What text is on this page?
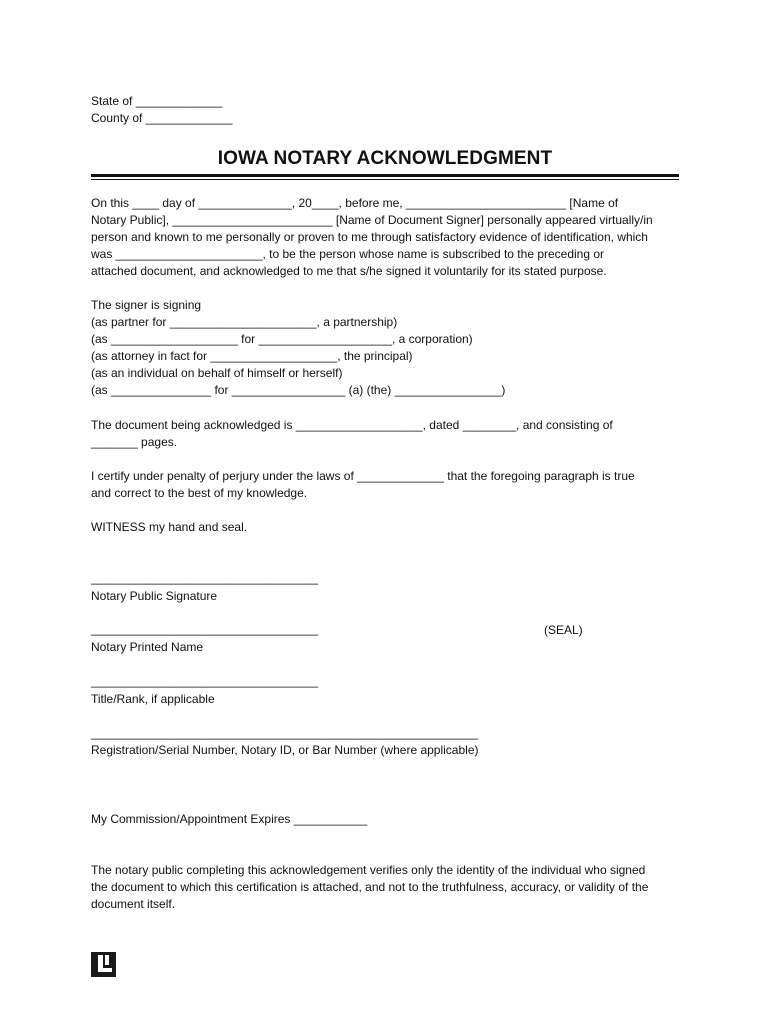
State of _____________
County of _____________
IOWA NOTARY ACKNOWLEDGMENT
On this ____ day of ______________, 20____, before me, ________________________ [Name of
Notary Public], ________________________ [Name of Document Signer] personally appeared virtually/in
person and known to me personally or proven to me through satisfactory evidence of identification, which
was ______________________, to be the person whose name is subscribed to the preceding or
attached document, and acknowledged to me that s/he signed it voluntarily for its stated purpose.
The signer is signing
(as partner for ______________________, a partnership)
(as ___________________ for ____________________, a corporation)
(as attorney in fact for ___________________, the principal)
(as an individual on behalf of himself or herself)
(as _______________ for _________________ (a) (the) ________________)
The document being acknowledged is ___________________, dated ________, and consisting of
_______ pages.
I certify under penalty of perjury under the laws of _____________ that the foregoing paragraph is true
and correct to the best of my knowledge.
WITNESS my hand and seal.
__________________________________
Notary Public Signature
__________________________________	(SEAL)
Notary Printed Name
__________________________________
Title/Rank, if applicable
__________________________________________________________
Registration/Serial Number, Notary ID, or Bar Number (where applicable)
My Commission/Appointment Expires ___________
The notary public completing this acknowledgement verifies only the identity of the individual who signed
the document to which this certification is attached, and not to the truthfulness, accuracy, or validity of the
document itself.
